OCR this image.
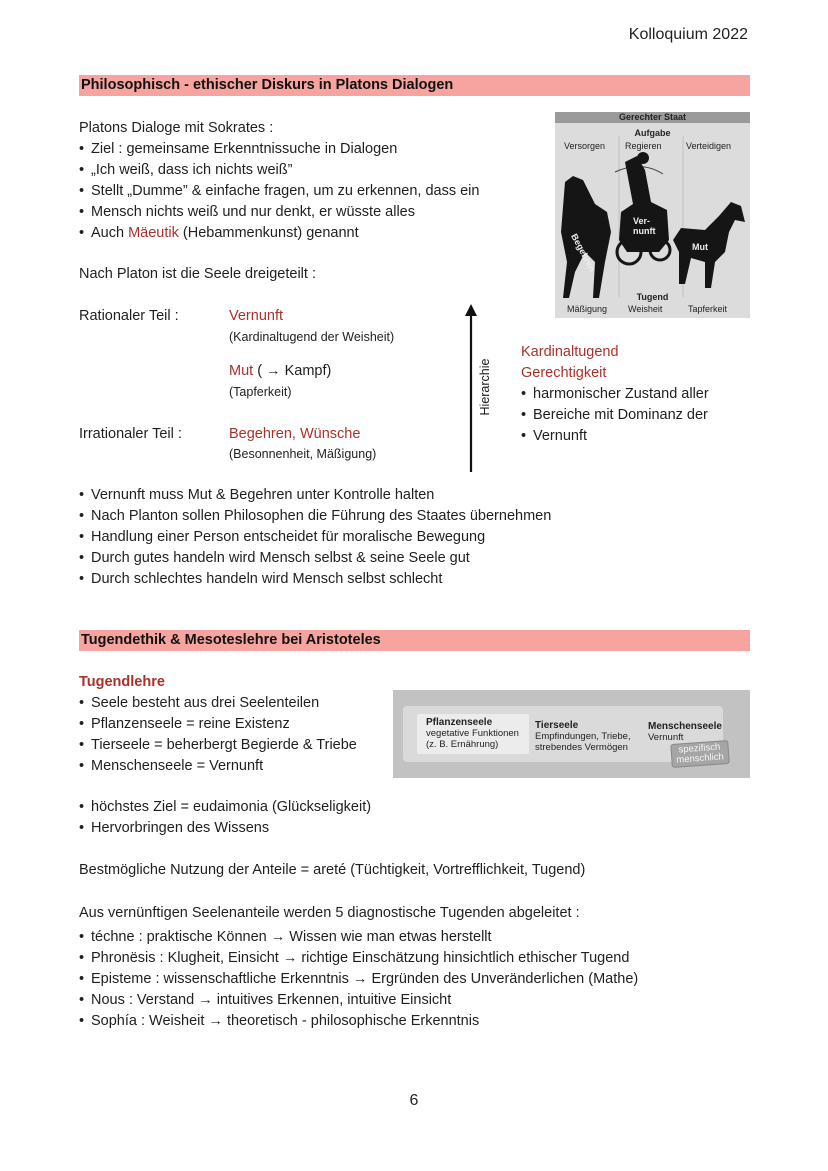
Kolloquium 2022
Philosophisch - ethischer Diskurs in Platons Dialogen
Platons Dialoge mit Sokrates :
• Ziel : gemeinsame Erkenntnissuche in Dialogen
• „Ich weiß, dass ich nichts weiß”
• Stellt „Dumme” & einfache fragen, um zu erkennen, dass ein
• Mensch nichts weiß und nur denkt, er wüsste alles

• Auch Mäeutik (Hebammenkunst) genannt
Nach Platon ist die Seele dreigeteilt :
Rationaler Teil :	Vernunft
(Kardinaltugend der Weisheit)
Mut ( → Kampf)
(Tapferkeit)
Irrationaler Teil :	Begehren, Wünsche
(Besonnenheit, Mäßigung)
Hierarchie
Kardinaltugend
Gerechtigkeit
• harmonischer Zustand aller
• Bereiche mit Dominanz der
• Vernunft
• Vernunft muss Mut & Begehren unter Kontrolle halten
• Nach Planton sollen Philosophen die Führung des Staates übernehmen
• Handlung einer Person entscheidet für moralische Bewegung
• Durch gutes handeln wird Mensch selbst & seine Seele gut
• Durch schlechtes handeln wird Mensch selbst schlecht
Gerechter Staat
Aufgabe
Versorgen Regieren	Verteidigen
Begehren
Ver-
nunft
Mut
Tugend
Mäßigung Weisheit	Tapferkeit
Tugendethik & Mesoteslehre bei Aristoteles
Tugendlehre
• Seele besteht aus drei Seelenteilen
• Pflanzenseele = reine Existenz
• Tierseele = beherbergt Begierde & Triebe
• Menschenseele = Vernunft
• höchstes Ziel = eudaimonia (Glückseligkeit)
• Hervorbringen des Wissens
Bestmögliche Nutzung der Anteile = areté (Tüchtigkeit, Vortrefflichkeit, Tugend)
Aus vernünftigen Seelenanteile werden 5 diagnostische Tugenden abgeleitet :
• téchne : praktische Können → Wissen wie man etwas herstellt
• Phronësis : Klugheit, Einsicht → richtige Einschätzung hinsichtlich ethischer Tugend
• Episteme : wissenschaftliche Erkenntnis → Ergründen des Unveränderlichen (Mathe)
• Nous : Verstand → intuitives Erkennen, intuitive Einsicht
• Sophía : Weisheit → theoretisch - philosophische Erkenntnis
Pflanzenseele
vegetative Funktionen
(z. B. Ernährung)
Tierseele
Empfindungen, Triebe,
strebendes Vermögen
Menschenseele
Vernunft
spezifisch
menschlich
6
